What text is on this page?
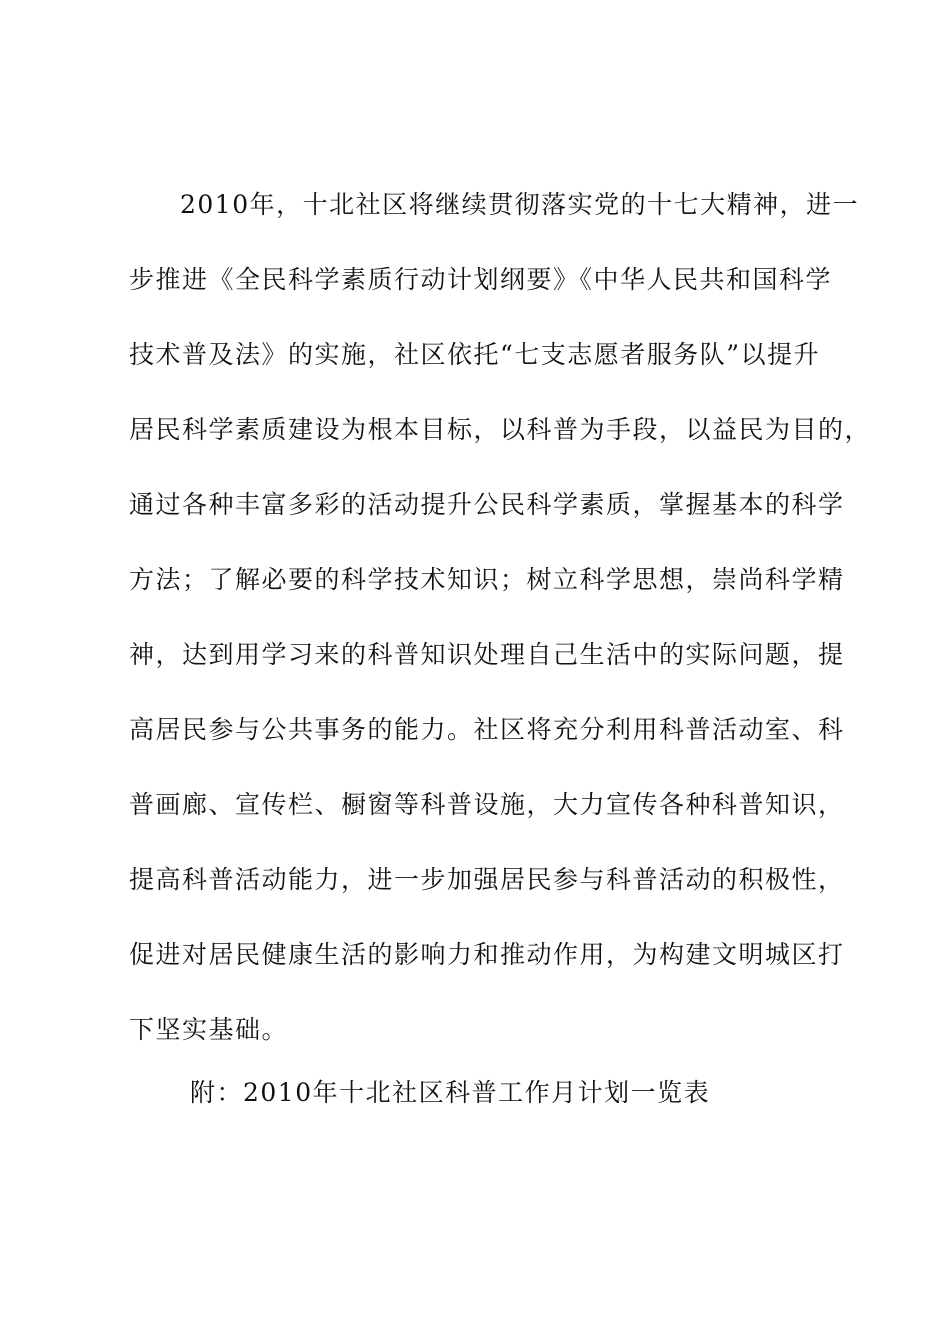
2010年，十北社区将继续贯彻落实党的十七大精神，进一
步推进《全民科学素质行动计划纲要》《中华人民共和国科学
技术普及法》的实施，社区依托“七支志愿者服务队”以提升
居民科学素质建设为根本目标，以科普为手段，以益民为目的，
通过各种丰富多彩的活动提升公民科学素质，掌握基本的科学
方法；了解必要的科学技术知识；树立科学思想，崇尚科学精
神，达到用学习来的科普知识处理自己生活中的实际问题，提
高居民参与公共事务的能力。社区将充分利用科普活动室、科
普画廊、宣传栏、橱窗等科普设施，大力宣传各种科普知识，
提高科普活动能力，进一步加强居民参与科普活动的积极性，
促进对居民健康生活的影响力和推动作用，为构建文明城区打
下坚实基础。
附：2010年十北社区科普工作月计划一览表
